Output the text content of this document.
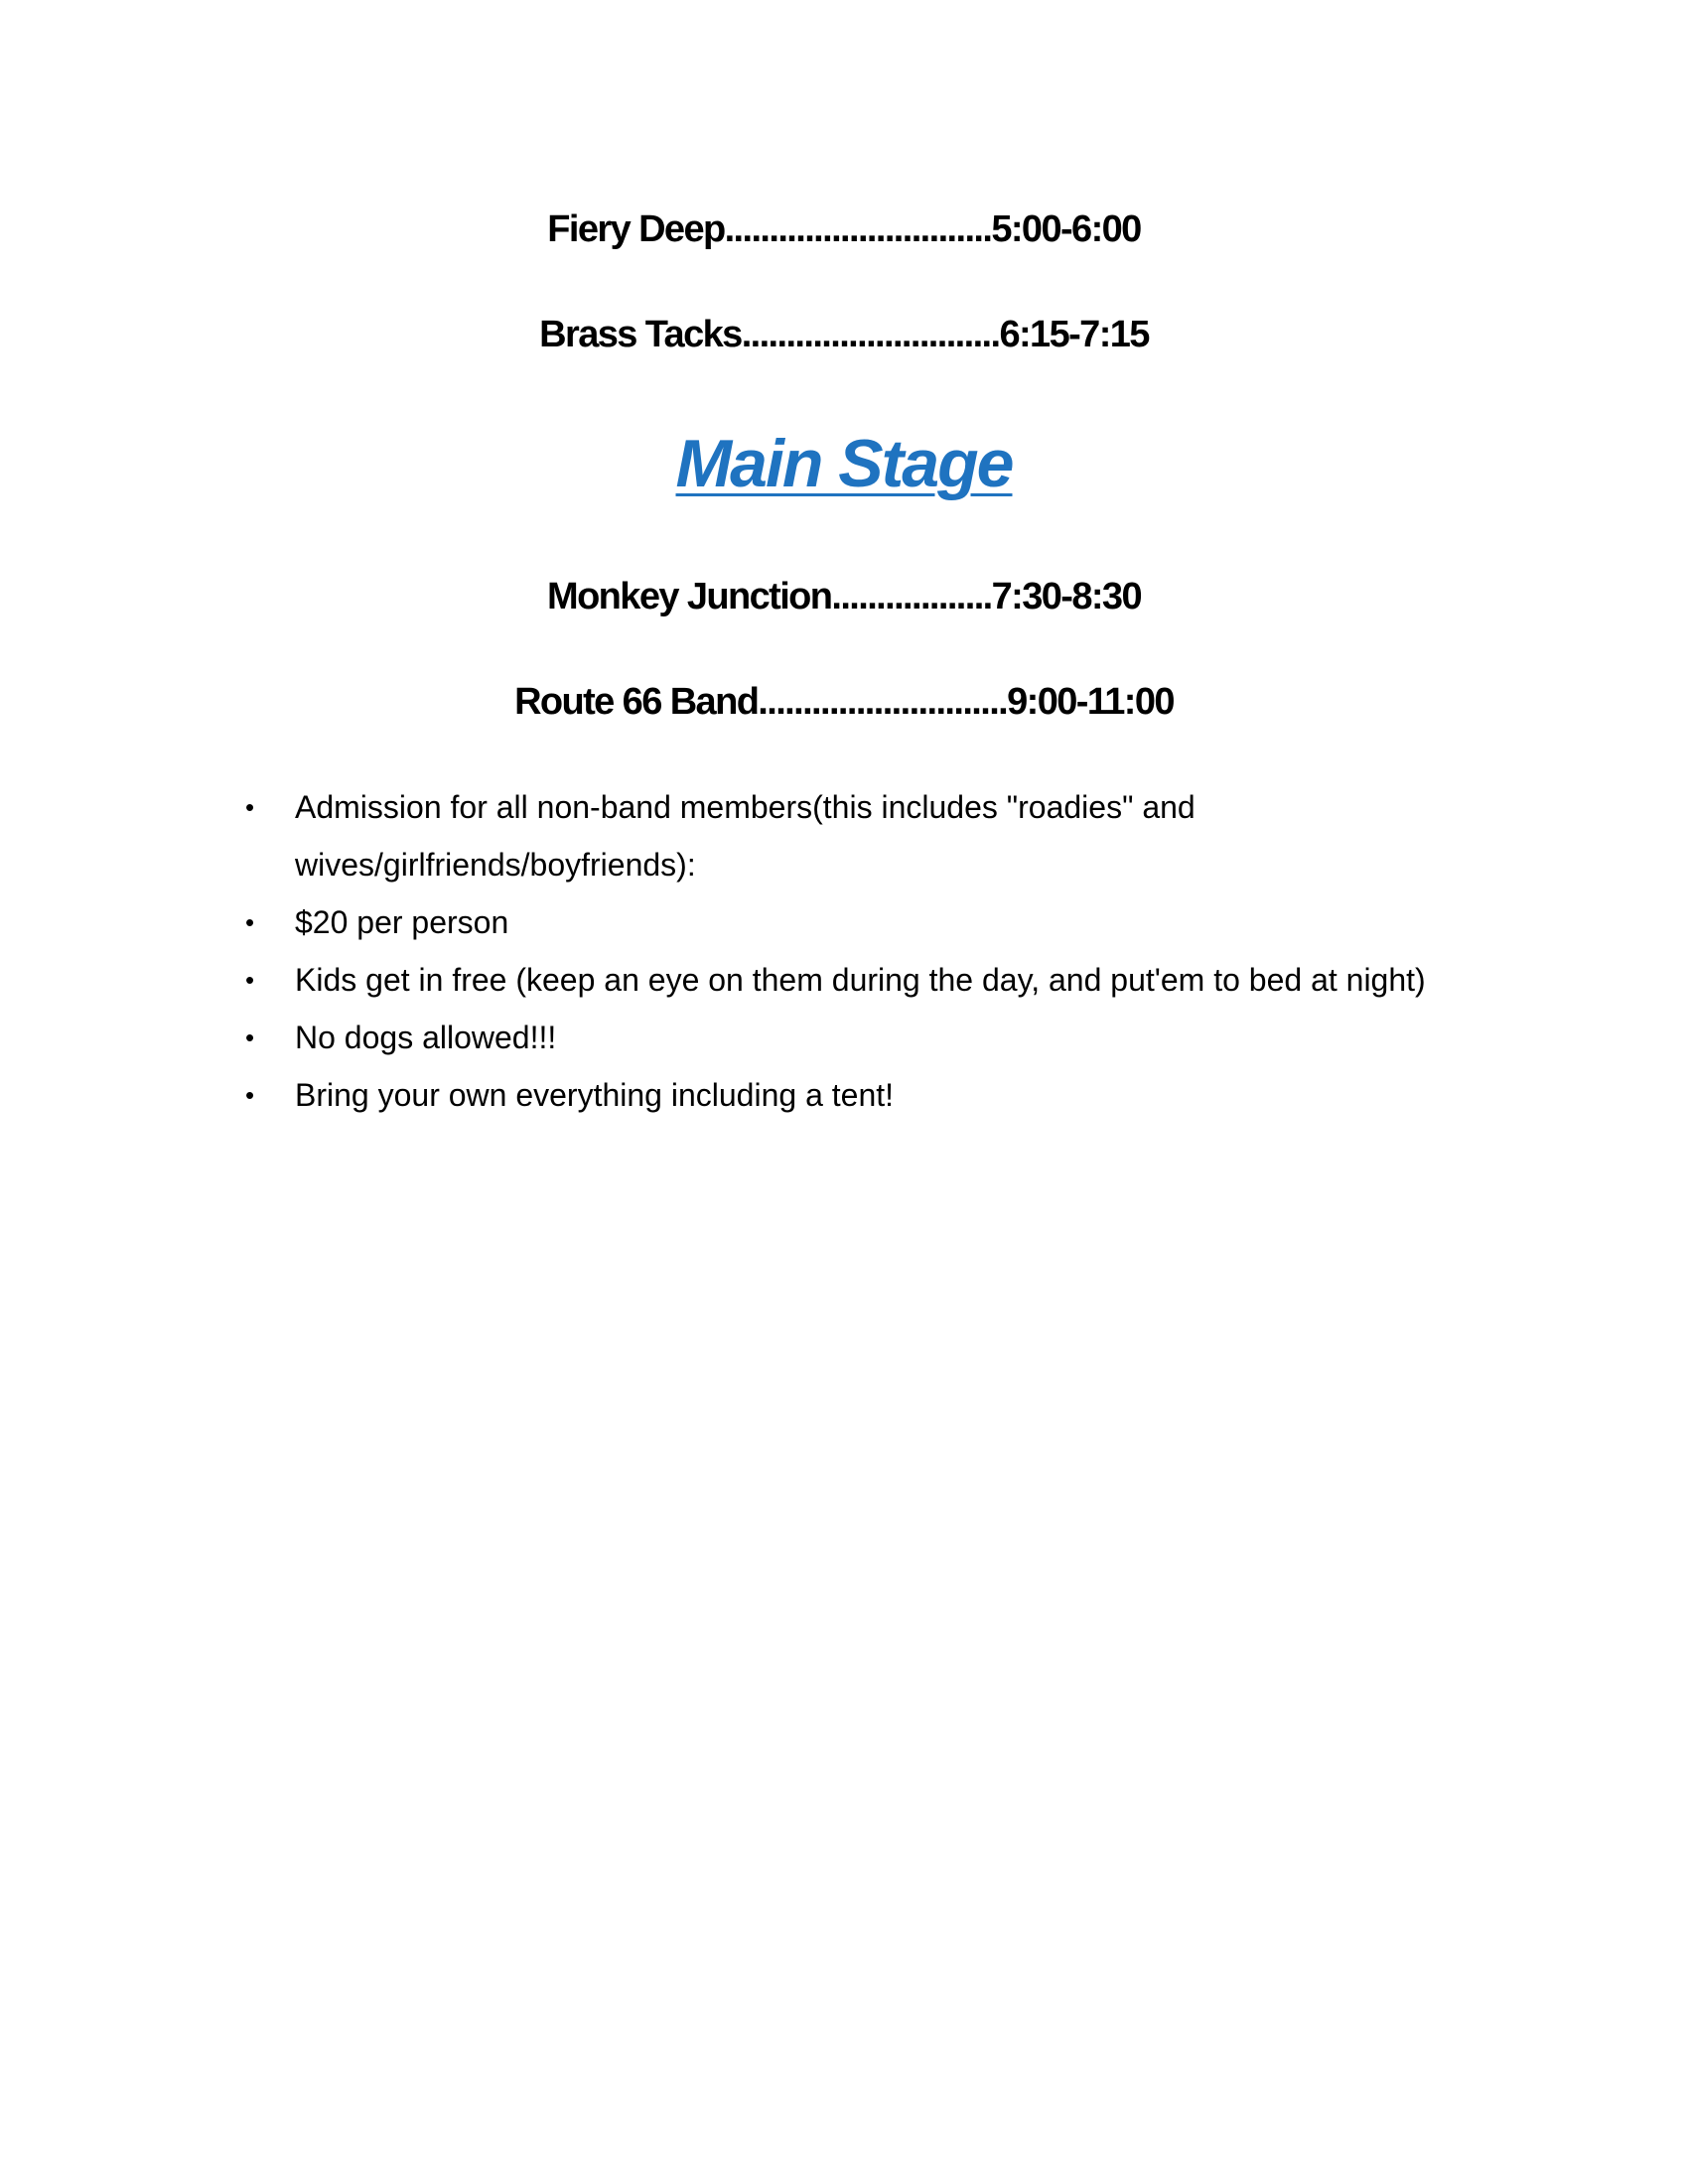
Fiery Deep..............................5:00-6:00
Brass Tacks.............................6:15-7:15
Main Stage
Monkey Junction..................7:30-8:30
Route 66 Band............................9:00-11:00
• Admission for all non-band members(this includes "roadies" and wives/girlfriends/boyfriends):
• $20 per person
• Kids get in free (keep an eye on them during the day, and put'em to bed at night)
• No dogs allowed!!!
• Bring your own everything including a tent!
